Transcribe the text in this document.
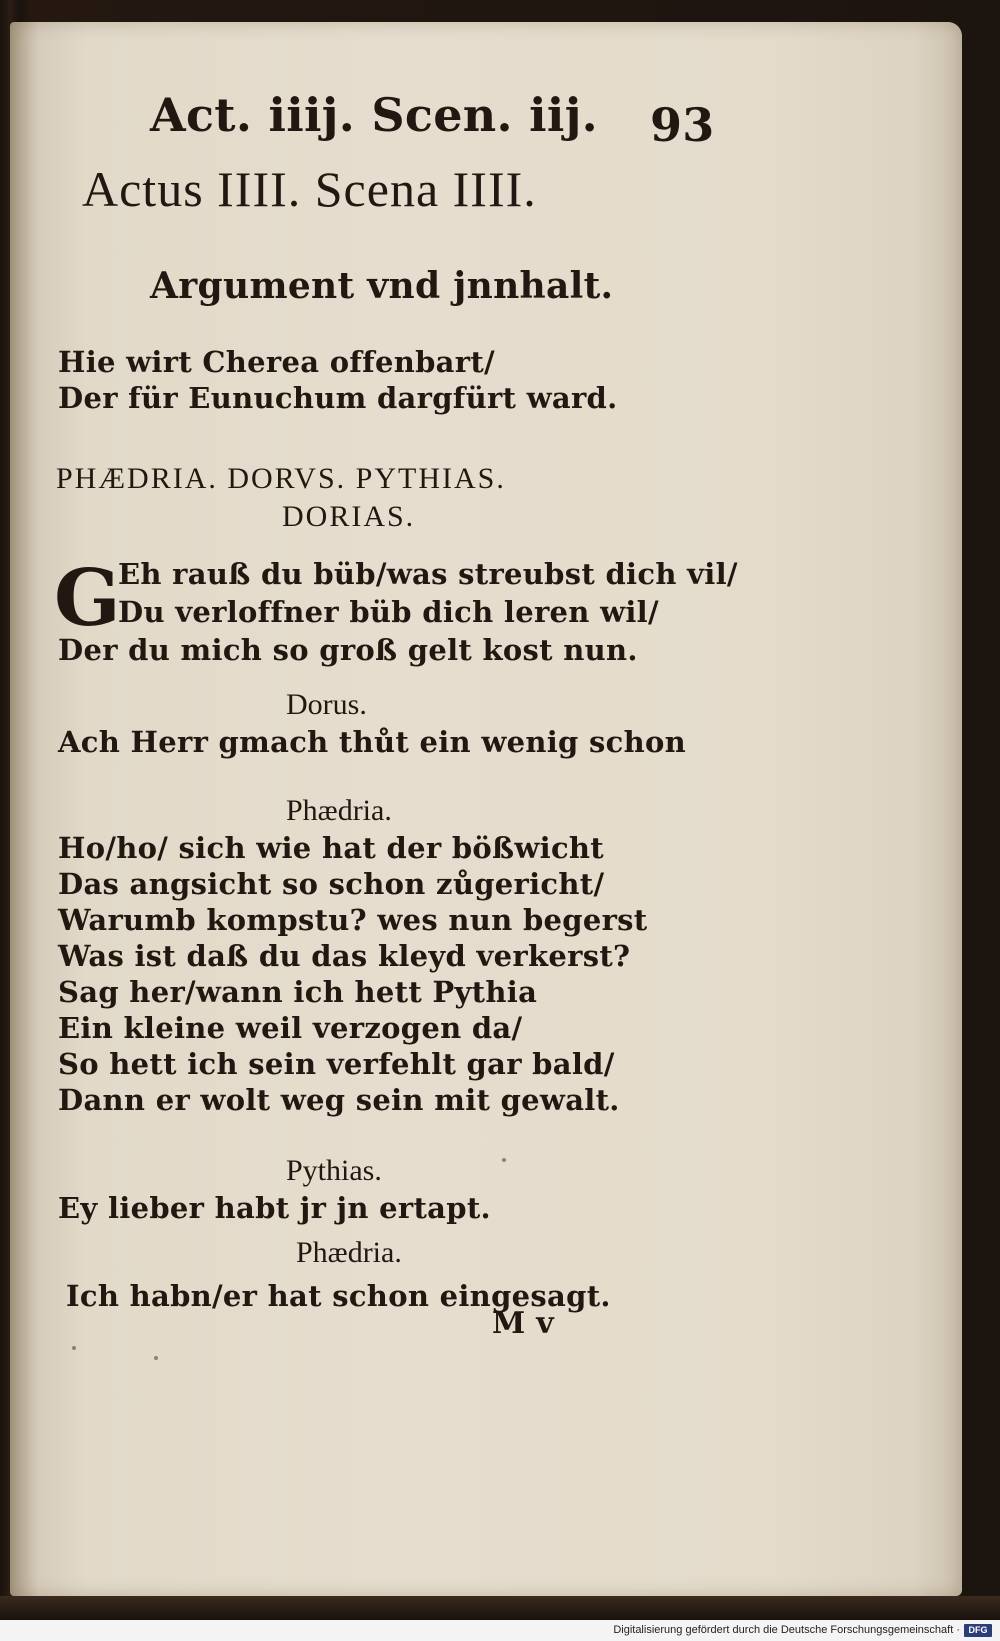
Act. iiij. Scen. iij. 93
Actus IIII. Scena IIII.
Argument vnd jnnhalt.
Hie wirt Cherea offenbart/
Der für Eunuchum dargfürt ward.
PHÆDRIA. DORVS. PYTHIAS.
DORIAS.
G
Eh rauß du büb/was streubst dich vil/
Du verloffner büb dich leren wil/
Der du mich so groß gelt kost nun.
Dorus.
Ach Herr gmach thůt ein wenig schon
Phædria.
Ho/ho/ sich wie hat der bößwicht
Das angsicht so schon zůgericht/
Warumb kompstu? wes nun begerst
Was ist daß du das kleyd verkerst?
Sag her/wann ich hett Pythia
Ein kleine weil verzogen da/
So hett ich sein verfehlt gar bald/
Dann er wolt weg sein mit gewalt.
Pythias.
Ey lieber habt jr jn ertapt.
Phædria.
Ich habn/er hat schon eingesagt.
M v
Digitalisierung gefördert durch die Deutsche Forschungsgemeinschaft · DFG
